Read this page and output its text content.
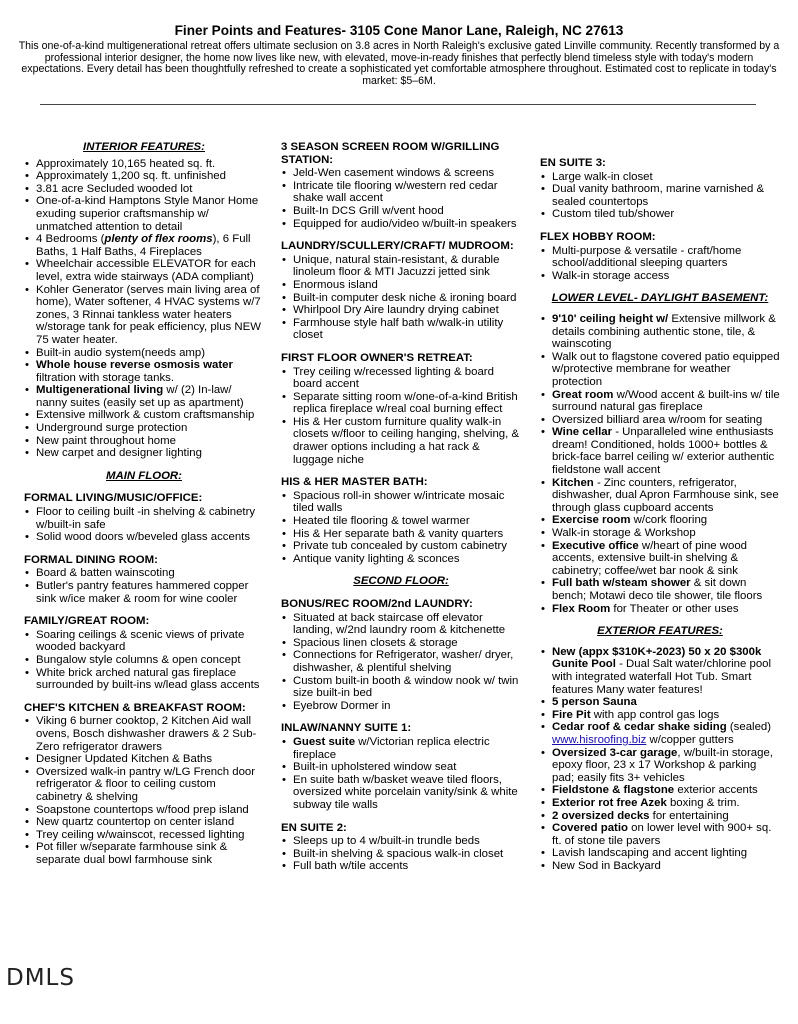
Finer Points and Features- 3105 Cone Manor Lane, Raleigh, NC 27613
This one-of-a-kind multigenerational retreat offers ultimate seclusion on 3.8 acres in North Raleigh's exclusive gated Linville community. Recently transformed by a professional interior designer, the home now lives like new, with elevated, move-in-ready finishes that perfectly blend timeless style with today's modern expectations. Every detail has been thoughtfully refreshed to create a sophisticated yet comfortable atmosphere throughout. Estimated cost to replicate in today's market: $5–6M.
INTERIOR FEATURES:
• Approximately 10,165 heated sq. ft.
• Approximately 1,200 sq. ft. unfinished
• 3.81 acre Secluded wooded lot
• One-of-a-kind Hamptons Style Manor Home exuding superior craftsmanship w/ unmatched attention to detail
• 4 Bedrooms (plenty of flex rooms), 6 Full Baths, 1 Half Baths, 4 Fireplaces
• Wheelchair accessible ELEVATOR for each level, extra wide stairways (ADA compliant)
• Kohler Generator (serves main living area of home), Water softener, 4 HVAC systems w/7 zones, 3 Rinnai tankless water heaters w/storage tank for peak efficiency, plus NEW 75 water heater.
• Built-in audio system(needs amp)
• Whole house reverse osmosis water filtration with storage tanks.
• Multigenerational living w/ (2) In-law/ nanny suites (easily set up as apartment)
• Extensive millwork & custom craftsmanship
• Underground surge protection
• New paint throughout home
• New carpet and designer lighting
MAIN FLOOR:
FORMAL LIVING/MUSIC/OFFICE:
• Floor to ceiling built -in shelving & cabinetry w/built-in safe
• Solid wood doors w/beveled glass accents
FORMAL DINING ROOM:
• Board & batten wainscoting
• Butler's pantry features hammered copper sink w/ice maker & room for wine cooler
FAMILY/GREAT ROOM:
• Soaring ceilings & scenic views of private wooded backyard
• Bungalow style columns & open concept
• White brick arched natural gas fireplace surrounded by built-ins w/lead glass accents
CHEF'S KITCHEN & BREAKFAST ROOM:
• Viking 6 burner cooktop, 2 Kitchen Aid wall ovens, Bosch dishwasher drawers & 2 Sub-Zero refrigerator drawers
• Designer Updated Kitchen & Baths
• Oversized walk-in pantry w/LG French door refrigerator & floor to ceiling custom cabinetry & shelving
• Soapstone countertops w/food prep island
• New quartz countertop on center island
• Trey ceiling w/wainscot, recessed lighting
• Pot filler w/separate farmhouse sink & separate dual bowl farmhouse sink
3 SEASON SCREEN ROOM W/GRILLING STATION:
• Jeld-Wen casement windows & screens
• Intricate tile flooring w/western red cedar shake wall accent
• Built-In DCS Grill w/vent hood
• Equipped for audio/video w/built-in speakers
LAUNDRY/SCULLERY/CRAFT/ MUDROOM:
• Unique, natural stain-resistant, & durable linoleum floor & MTI Jacuzzi jetted sink
• Enormous island
• Built-in computer desk niche & ironing board
• Whirlpool Dry Aire laundry drying cabinet
• Farmhouse style half bath w/walk-in utility closet
FIRST FLOOR OWNER'S RETREAT:
• Trey ceiling w/recessed lighting & board board accent
• Separate sitting room w/one-of-a-kind British replica fireplace w/real coal burning effect
• His & Her custom furniture quality walk-in closets w/floor to ceiling hanging, shelving, & drawer options including a hat rack & luggage niche
HIS & HER MASTER BATH:
• Spacious roll-in shower w/intricate mosaic tiled walls
• Heated tile flooring & towel warmer
• His & Her separate bath & vanity quarters
• Private tub concealed by custom cabinetry
• Antique vanity lighting & sconces
SECOND FLOOR:
BONUS/REC ROOM/2nd LAUNDRY:
• Situated at back staircase off elevator landing, w/2nd laundry room & kitchenette
• Spacious linen closets & storage
• Connections for Refrigerator, washer/ dryer, dishwasher, & plentiful shelving
• Custom built-in booth & window nook w/ twin size built-in bed
• Eyebrow Dormer in
INLAW/NANNY SUITE 1:
• Guest suite w/Victorian replica electric fireplace
• Built-in upholstered window seat
• En suite bath w/basket weave tiled floors, oversized white porcelain vanity/sink & white subway tile walls
EN SUITE 2:
• Sleeps up to 4 w/built-in trundle beds
• Built-in shelving & spacious walk-in closet
• Full bath w/tile accents
EN SUITE 3:
• Large walk-in closet
• Dual vanity bathroom, marine varnished & sealed countertops
• Custom tiled tub/shower
FLEX HOBBY ROOM:
• Multi-purpose & versatile - craft/home school/additional sleeping quarters
• Walk-in storage access
LOWER LEVEL- DAYLIGHT BASEMENT:
• 9'10' ceiling height w/ Extensive millwork & details combining authentic stone, tile, & wainscoting
• Walk out to flagstone covered patio equipped w/protective membrane for weather protection
• Great room w/Wood accent & built-ins w/ tile surround natural gas fireplace
• Oversized billiard area w/room for seating
• Wine cellar - Unparalleled wine enthusiasts dream! Conditioned, holds 1000+ bottles & brick-face barrel ceiling w/ exterior authentic fieldstone wall accent
• Kitchen - Zinc counters, refrigerator, dishwasher, dual Apron Farmhouse sink, see through glass cupboard accents
• Exercise room w/cork flooring
• Walk-in storage & Workshop
• Executive office w/heart of pine wood accents, extensive built-in shelving & cabinetry; coffee/wet bar nook & sink
• Full bath w/steam shower & sit down bench; Motawi deco tile shower, tile floors
• Flex Room for Theater or other uses
EXTERIOR FEATURES:
• New (appx $310K+-2023) 50 x 20 $300k Gunite Pool - Dual Salt water/chlorine pool with integrated waterfall Hot Tub. Smart features Many water features!
• 5 person Sauna
• Fire Pit with app control gas logs
• Cedar roof & cedar shake siding (sealed) www.hisroofing.biz w/copper gutters
• Oversized 3-car garage, w/built-in storage, epoxy floor, 23 x 17 Workshop & parking pad; easily fits 3+ vehicles
• Fieldstone & flagstone exterior accents
• Exterior rot free Azek boxing & trim.
• 2 oversized decks for entertaining
• Covered patio on lower level with 900+ sq. ft. of stone tile pavers
• Lavish landscaping and accent lighting
• New Sod in Backyard
DMLS
